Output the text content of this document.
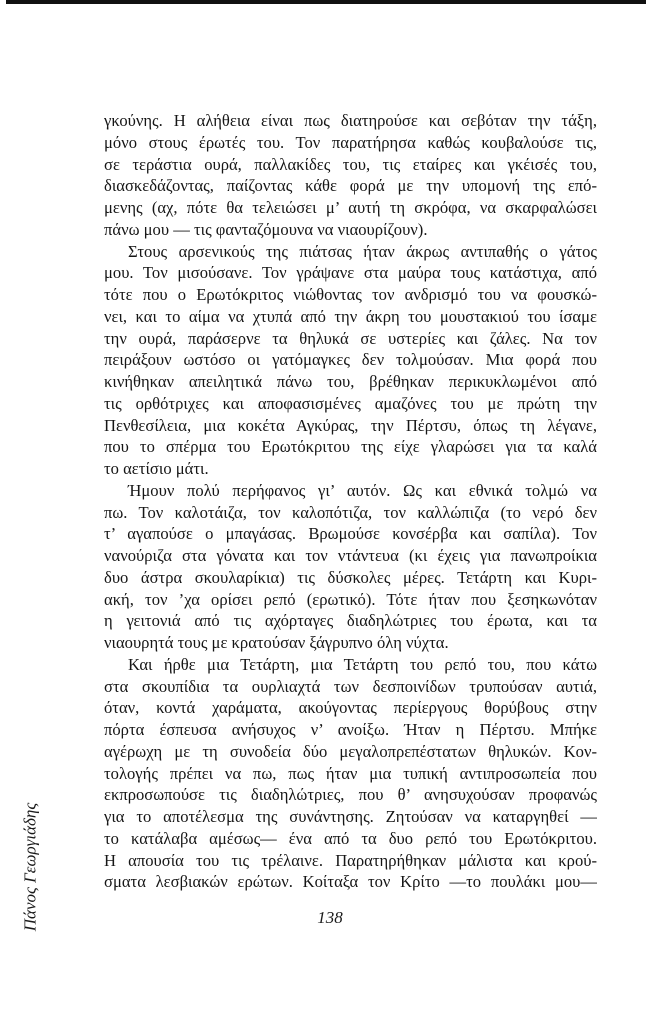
γκούνης. Η αλήθεια είναι πως διατηρούσε και σεβόταν την τάξη,
μόνο στους έρωτές του. Τον παρατήρησα καθώς κουβαλούσε τις,
σε τεράστια ουρά, παλλακίδες του, τις εταίρες και γκέισές του,
διασκεδάζοντας, παίζοντας κάθε φορά με την υπομονή της επό-
μενης (αχ, πότε θα τελειώσει μ’ αυτή τη σκρόφα, να σκαρφαλώσει
πάνω μου — τις φανταζόμουνα να νιαουρίζουν).

Στους αρσενικούς της πιάτσας ήταν άκρως αντιπαθής ο γάτος
μου. Τον μισούσανε. Τον γράψανε στα μαύρα τους κατάστιχα, από
τότε που ο Ερωτόκριτος νιώθοντας τον ανδρισμό του να φουσκώ-
νει, και το αίμα να χτυπά από την άκρη του μουστακιού του ίσαμε
την ουρά, παράσερνε τα θηλυκά σε υστερίες και ζάλες. Να τον
πειράξουν ωστόσο οι γατόμαγκες δεν τολμούσαν. Μια φορά που
κινήθηκαν απειλητικά πάνω του, βρέθηκαν περικυκλωμένοι από
τις ορθότριχες και αποφασισμένες αμαζόνες του με πρώτη την
Πενθεσίλεια, μια κοκέτα Αγκύρας, την Πέρτσυ, όπως τη λέγανε,
που το σπέρμα του Ερωτόκριτου της είχε γλαρώσει για τα καλά
το αετίσιο μάτι.

Ήμουν πολύ περήφανος γι’ αυτόν. Ως και εθνικά τολμώ να
πω. Τον καλοτάιζα, τον καλοπότιζα, τον καλλώπιζα (το νερό δεν
τ’ αγαπούσε ο μπαγάσας. Βρωμούσε κονσέρβα και σαπίλα). Τον
νανούριζα στα γόνατα και τον ντάντευα (κι έχεις για πανωπροίκια
δυο άστρα σκουλαρίκια) τις δύσκολες μέρες. Τετάρτη και Κυρι-
ακή, τον ’χα ορίσει ρεπό (ερωτικό). Τότε ήταν που ξεσηκωνόταν
η γειτονιά από τις αχόρταγες διαδηλώτριες του έρωτα, και τα
νιαουρητά τους με κρατούσαν ξάγρυπνο όλη νύχτα.

Και ήρθε μια Τετάρτη, μια Τετάρτη του ρεπό του, που κάτω
στα σκουπίδια τα ουρλιαχτά των δεσποινίδων τρυπούσαν αυτιά,
όταν, κοντά χαράματα, ακούγοντας περίεργους θορύβους στην
πόρτα έσπευσα ανήσυχος ν’ ανοίξω. Ήταν η Πέρτσυ. Μπήκε
αγέρωχη με τη συνοδεία δύο μεγαλοπρεπέστατων θηλυκών. Κον-
τολογής πρέπει να πω, πως ήταν μια τυπική αντιπροσωπεία που
εκπροσωπούσε τις διαδηλώτριες, που θ’ ανησυχούσαν προφανώς
για το αποτέλεσμα της συνάντησης. Ζητούσαν να καταργηθεί —
το κατάλαβα αμέσως— ένα από τα δυο ρεπό του Ερωτόκριτου.
Η απουσία του τις τρέλαινε. Παρατηρήθηκαν μάλιστα και κρού-
σματα λεσβιακών ερώτων. Κοίταξα τον Κρίτο —το πουλάκι μου—

Πάνος Γεωργιάδης	138
